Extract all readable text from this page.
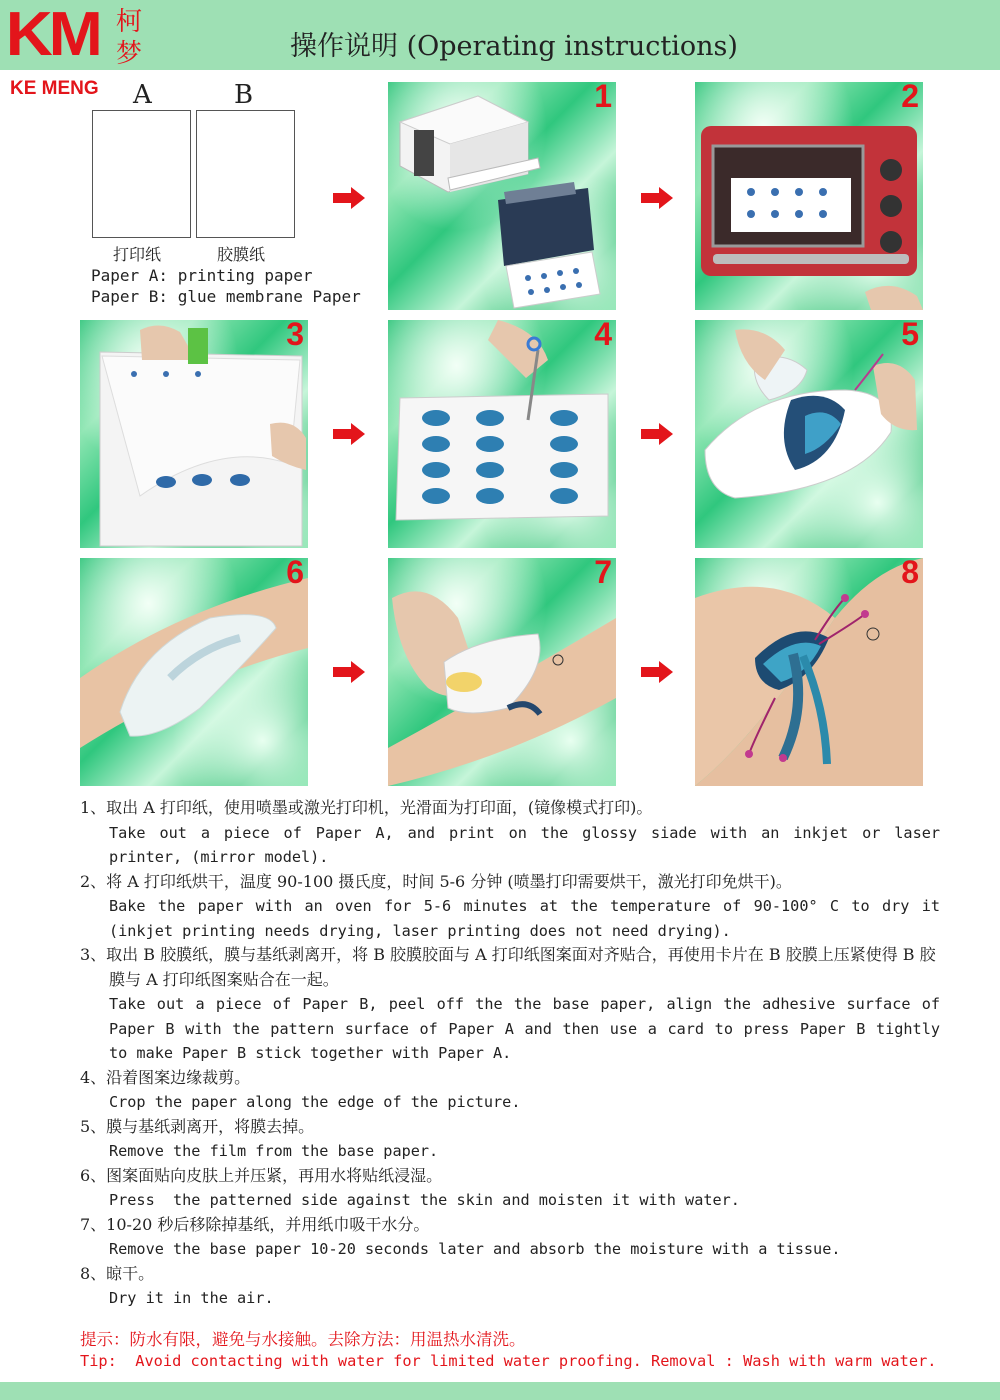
KM 柯梦
KE MENG
操作说明 (Operating instructions)
A	B
打印纸	胶膜纸
Paper A: printing paper
Paper B: glue membrane Paper
1	2
3	4	5
6	7	8
1、取出 A 打印纸，使用喷墨或激光打印机，光滑面为打印面，(镜像模式打印)。
Take out a piece of Paper A, and print on the glossy siade with an inkjet or laser printer, (mirror model).
2、将 A 打印纸烘干，温度 90-100 摄氏度，时间 5-6 分钟 (喷墨打印需要烘干，激光打印免烘干)。
Bake the paper with an oven for 5-6 minutes at the temperature of 90-100° C to dry it (inkjet printing needs drying, laser printing does not need drying).
3、取出 B 胶膜纸，膜与基纸剥离开，将 B 胶膜胶面与 A 打印纸图案面对齐贴合，再使用卡片在 B 胶膜上压紧使得 B 胶膜与 A 打印纸图案贴合在一起。
Take out a piece of Paper B, peel off the the base paper, align the adhesive surface of Paper B with the pattern surface of Paper A and then use a card to press Paper B tightly to make Paper B stick together with Paper A.
4、沿着图案边缘裁剪。
Crop the paper along the edge of the picture.
5、膜与基纸剥离开，将膜去掉。
Remove the film from the base paper.
6、图案面贴向皮肤上并压紧，再用水将贴纸浸湿。
Press  the patterned side against the skin and moisten it with water.
7、10-20 秒后移除掉基纸，并用纸巾吸干水分。
Remove the base paper 10-20 seconds later and absorb the moisture with a tissue.
8、晾干。
Dry it in the air.
提示：防水有限，避免与水接触。去除方法：用温热水清洗。
Tip:  Avoid contacting with water for limited water proofing. Removal : Wash with warm water.
